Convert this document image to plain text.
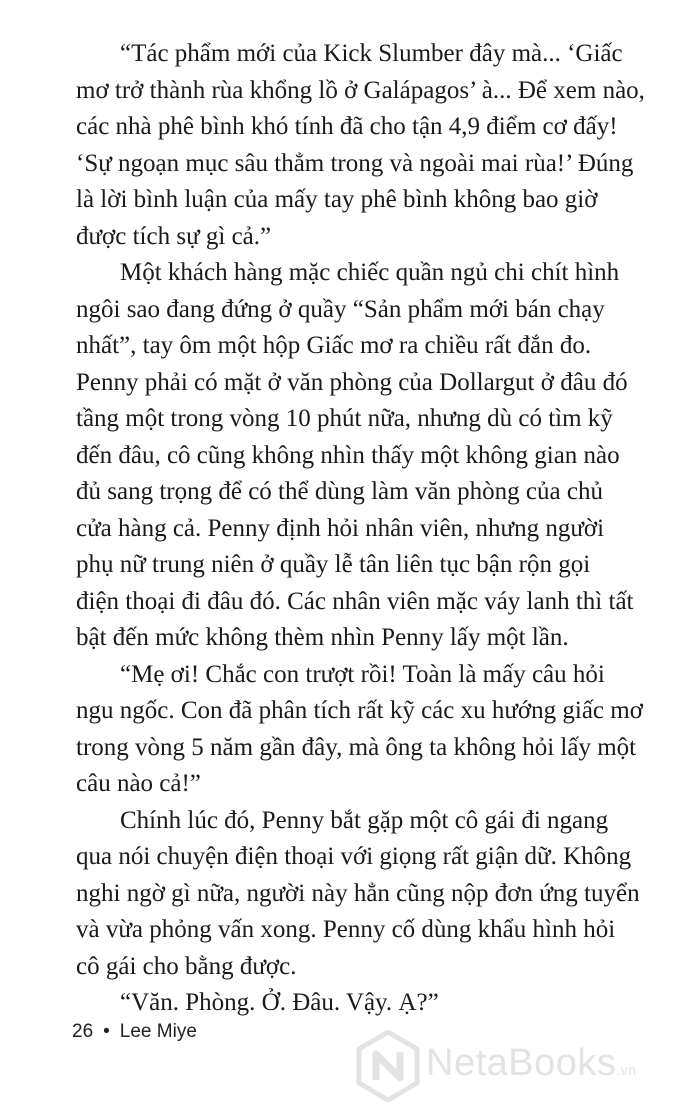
“Tác phẩm mới của Kick Slumber đây mà... ‘Giấc
mơ trở thành rùa khổng lồ ở Galápagos’ à... Để xem nào,
các nhà phê bình khó tính đã cho tận 4,9 điểm cơ đấy!
‘Sự ngoạn mục sâu thẳm trong và ngoài mai rùa!’ Đúng
là lời bình luận của mấy tay phê bình không bao giờ
được tích sự gì cả.”
Một khách hàng mặc chiếc quần ngủ chi chít hình
ngôi sao đang đứng ở quầy “Sản phẩm mới bán chạy
nhất”, tay ôm một hộp Giấc mơ ra chiều rất đắn đo.
Penny phải có mặt ở văn phòng của Dollargut ở đâu đó
tầng một trong vòng 10 phút nữa, nhưng dù có tìm kỹ
đến đâu, cô cũng không nhìn thấy một không gian nào
đủ sang trọng để có thể dùng làm văn phòng của chủ
cửa hàng cả. Penny định hỏi nhân viên, nhưng người
phụ nữ trung niên ở quầy lễ tân liên tục bận rộn gọi
điện thoại đi đâu đó. Các nhân viên mặc váy lanh thì tất
bật đến mức không thèm nhìn Penny lấy một lần.
“Mẹ ơi! Chắc con trượt rồi! Toàn là mấy câu hỏi
ngu ngốc. Con đã phân tích rất kỹ các xu hướng giấc mơ
trong vòng 5 năm gần đây, mà ông ta không hỏi lấy một
câu nào cả!”
Chính lúc đó, Penny bắt gặp một cô gái đi ngang
qua nói chuyện điện thoại với giọng rất giận dữ. Không
nghi ngờ gì nữa, người này hẳn cũng nộp đơn ứng tuyển
và vừa phỏng vấn xong. Penny cố dùng khẩu hình hỏi
cô gái cho bằng được.
“Văn. Phòng. Ở. Đâu. Vậy. Ạ?”
26 • Lee Miye
NetaBooks.vn
